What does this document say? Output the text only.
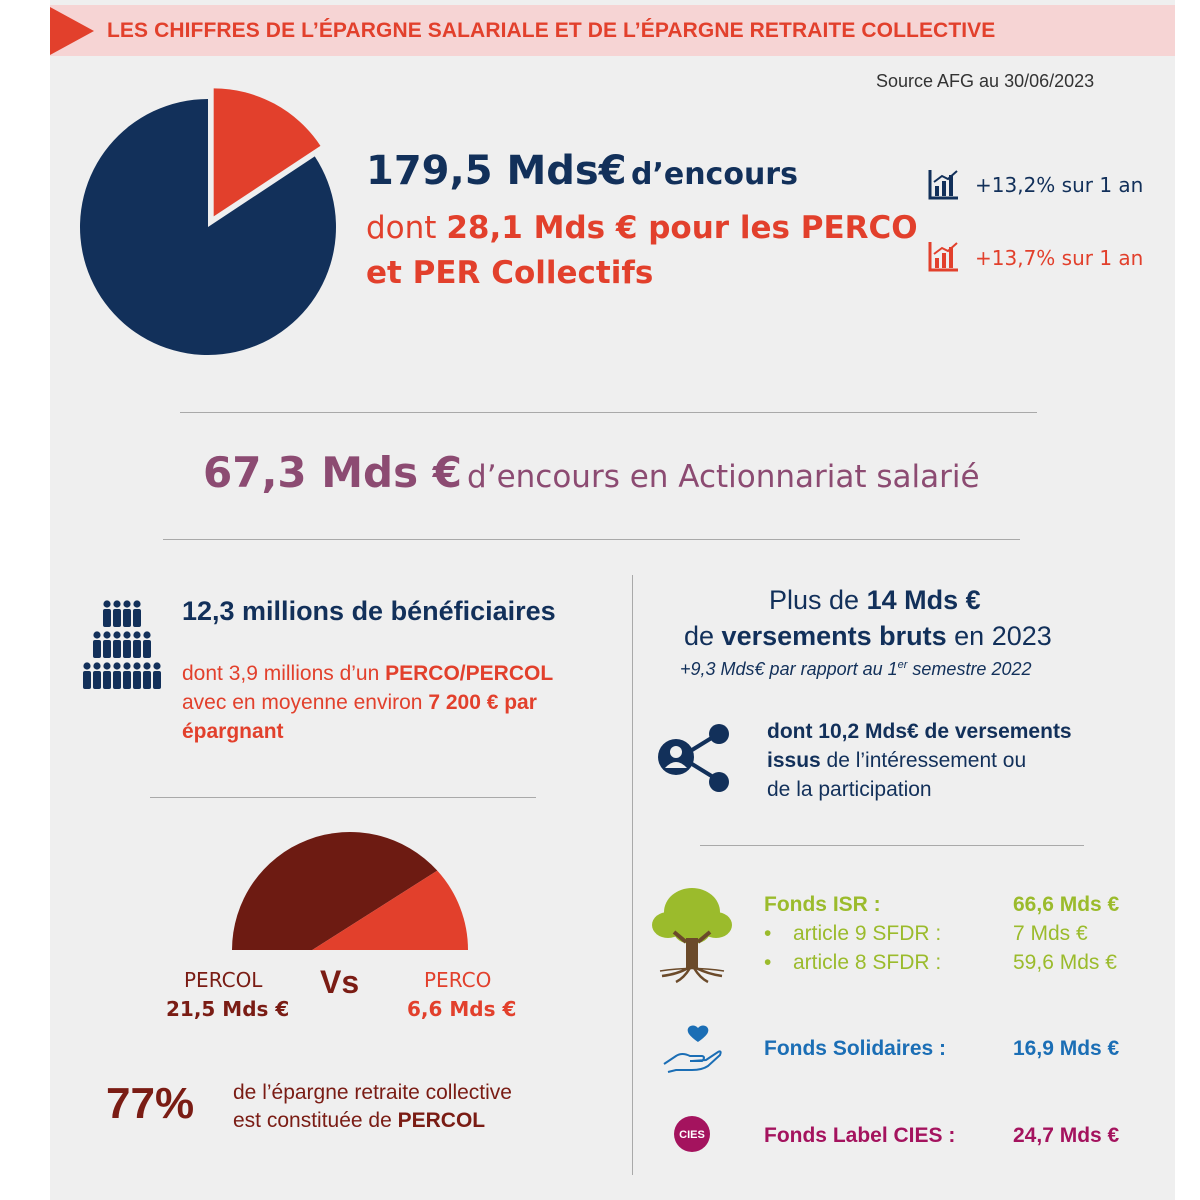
LES CHIFFRES DE L’ÉPARGNE SALARIALE ET DE L’ÉPARGNE RETRAITE COLLECTIVE
Source AFG au 30/06/2023
179,5 Mds€ d’encours
dont 28,1 Mds € pour les PERCO
et PER Collectifs
+13,2% sur 1 an
+13,7% sur 1 an
67,3 Mds € d’encours en Actionnariat salarié
12,3 millions de bénéficiaires
dont 3,9 millions d’un PERCO/PERCOL
avec en moyenne environ 7 200 € par
épargnant
PERCOL
21,5 Mds €
Vs	PERCO
6,6 Mds €
77% de l’épargne retraite collective
est constituée de PERCOL
Plus de 14 Mds €
de versements bruts en 2023
+9,3 Mds€ par rapport au 1er semestre 2022
dont 10,2 Mds€ de versements
issus de l’intéressement ou
de la participation
Fonds ISR :	66,6 Mds €
• article 9 SFDR :	7 Mds €
• article 8 SFDR :	59,6 Mds €
Fonds Solidaires :	16,9 Mds €
CIES	Fonds Label CIES :	24,7 Mds €
